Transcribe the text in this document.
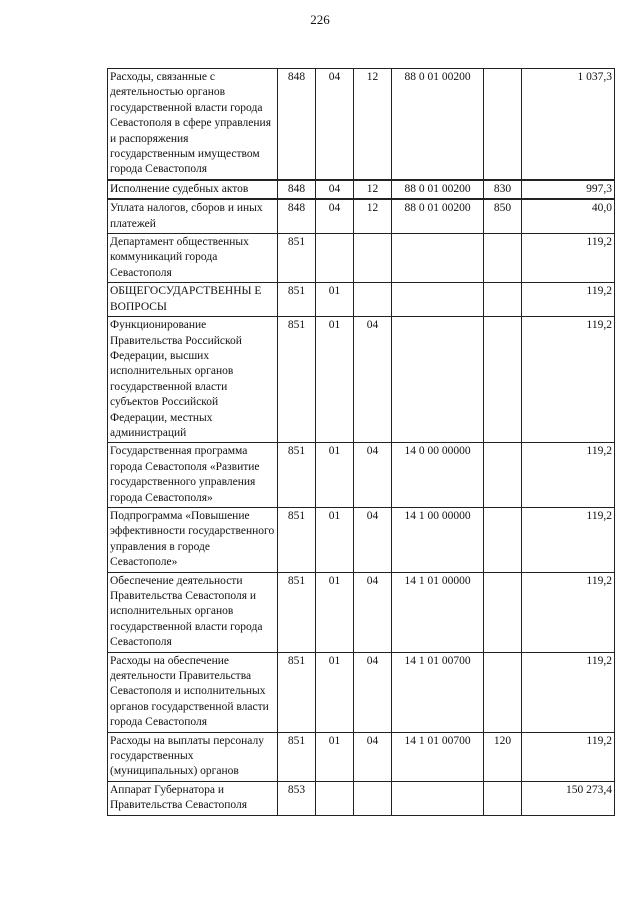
226
Расходы, связанные с деятельностью органов государственной власти города Севастополя в сфере управления и распоряжения государственным имуществом города Севастополя	848	04	12	88 0 01 00200		1 037,3
Исполнение судебных актов	848	04	12	88 0 01 00200	830	997,3
Уплата налогов, сборов и иных платежей	848	04	12	88 0 01 00200	850	40,0
Департамент общественных коммуникаций города Севастополя	851					119,2
ОБЩЕГОСУДАРСТВЕННЫ Е ВОПРОСЫ	851	01				119,2
Функционирование Правительства Российской Федерации, высших исполнительных органов государственной власти субъектов Российской Федерации, местных администраций	851	01	04			119,2
Государственная программа города Севастополя «Развитие государственного управления города Севастополя»	851	01	04	14 0 00 00000		119,2
Подпрограмма «Повышение эффективности государственного управления в городе Севастополе»	851	01	04	14 1 00 00000		119,2
Обеспечение деятельности Правительства Севастополя и исполнительных органов государственной власти города Севастополя	851	01	04	14 1 01 00000		119,2
Расходы на обеспечение деятельности Правительства Севастополя и исполнительных органов государственной власти города Севастополя	851	01	04	14 1 01 00700		119,2
Расходы на выплаты персоналу государственных (муниципальных) органов	851	01	04	14 1 01 00700	120	119,2
Аппарат Губернатора и Правительства Севастополя	853					150 273,4
